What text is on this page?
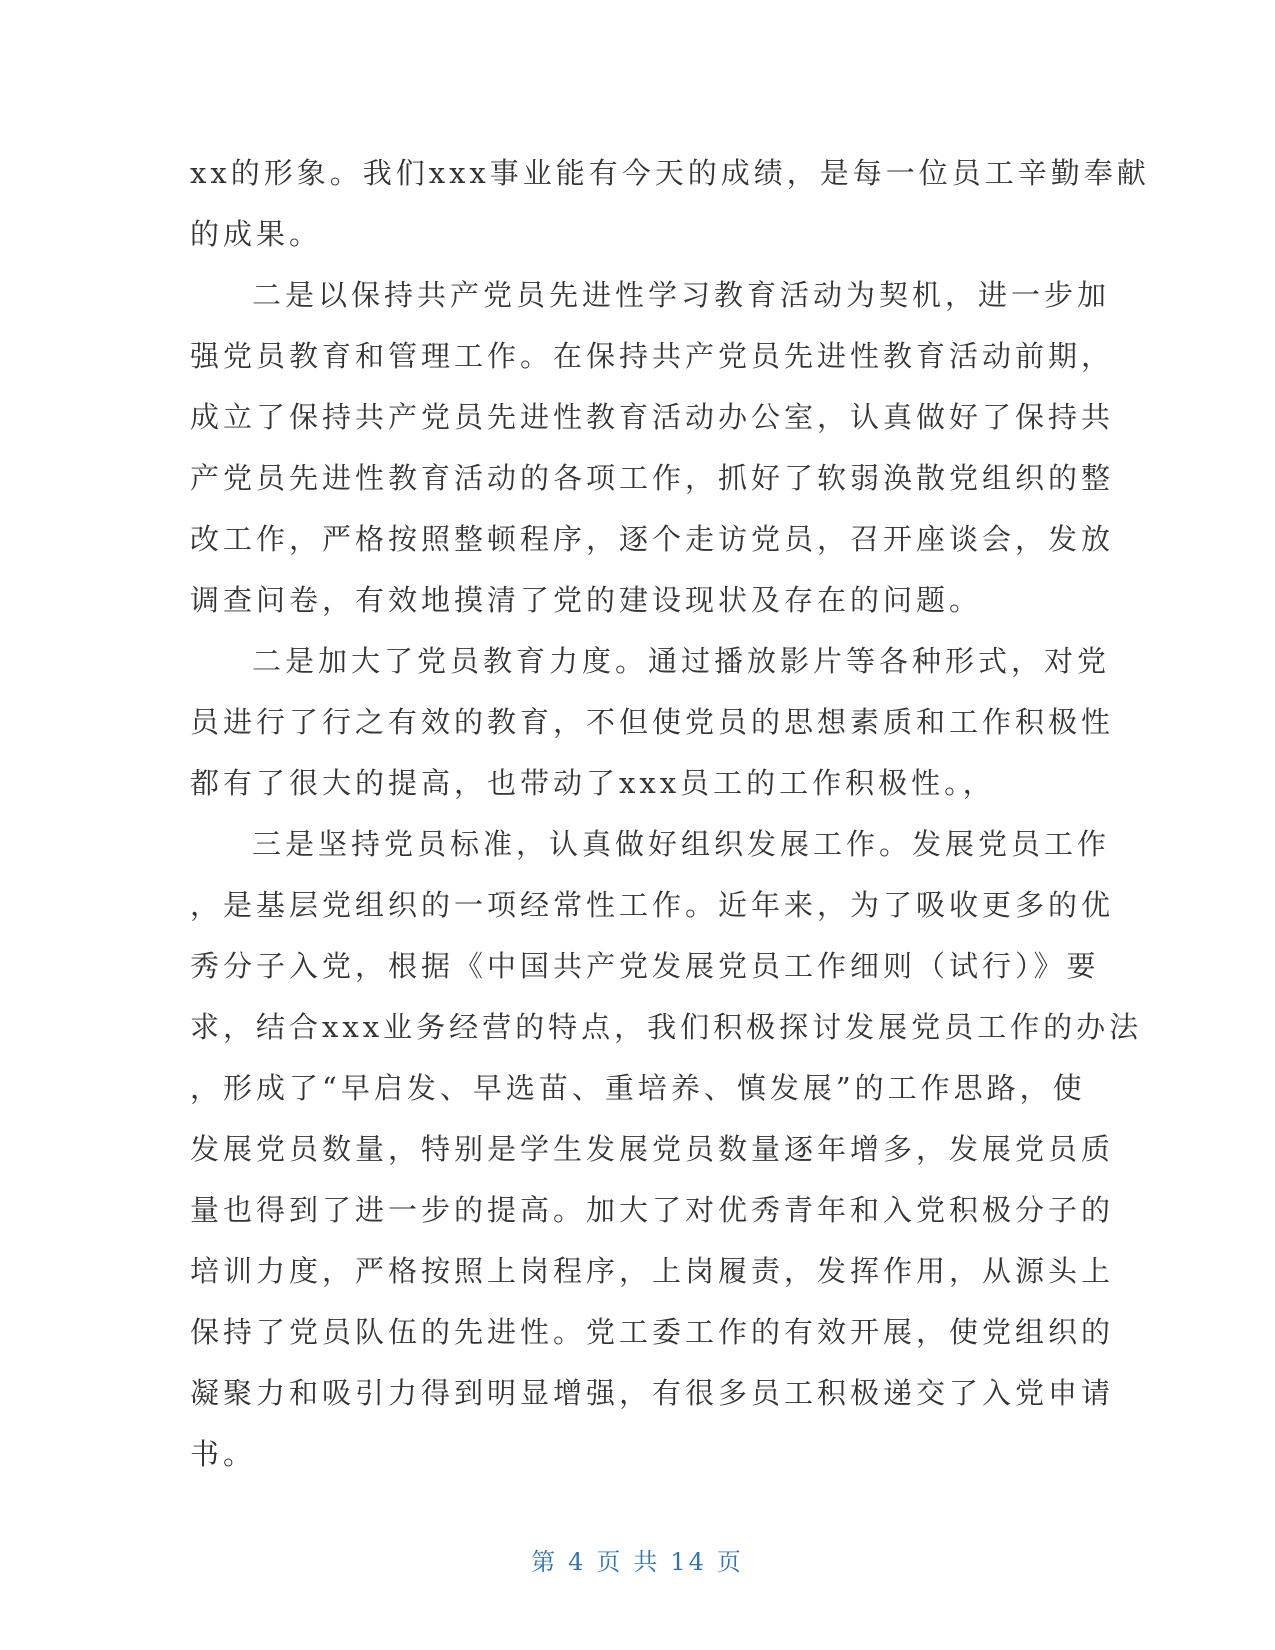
xx的形象。我们xxx事业能有今天的成绩，是每一位员工辛勤奉献
的成果。
二是以保持共产党员先进性学习教育活动为契机，进一步加
强党员教育和管理工作。在保持共产党员先进性教育活动前期，
成立了保持共产党员先进性教育活动办公室，认真做好了保持共
产党员先进性教育活动的各项工作，抓好了软弱涣散党组织的整
改工作，严格按照整顿程序，逐个走访党员，召开座谈会，发放
调查问卷，有效地摸清了党的建设现状及存在的问题。
二是加大了党员教育力度。通过播放影片等各种形式，对党
员进行了行之有效的教育，不但使党员的思想素质和工作积极性
都有了很大的提高，也带动了xxx员工的工作积极性。，
三是坚持党员标准，认真做好组织发展工作。发展党员工作
，是基层党组织的一项经常性工作。近年来，为了吸收更多的优
秀分子入党，根据《中国共产党发展党员工作细则（试行）》要
求，结合xxx业务经营的特点，我们积极探讨发展党员工作的办法
，形成了“早启发、早选苗、重培养、慎发展”的工作思路，使
发展党员数量，特别是学生发展党员数量逐年增多，发展党员质
量也得到了进一步的提高。加大了对优秀青年和入党积极分子的
培训力度，严格按照上岗程序，上岗履责，发挥作用，从源头上
保持了党员队伍的先进性。党工委工作的有效开展，使党组织的
凝聚力和吸引力得到明显增强，有很多员工积极递交了入党申请
书。
第 4 页 共 14 页
